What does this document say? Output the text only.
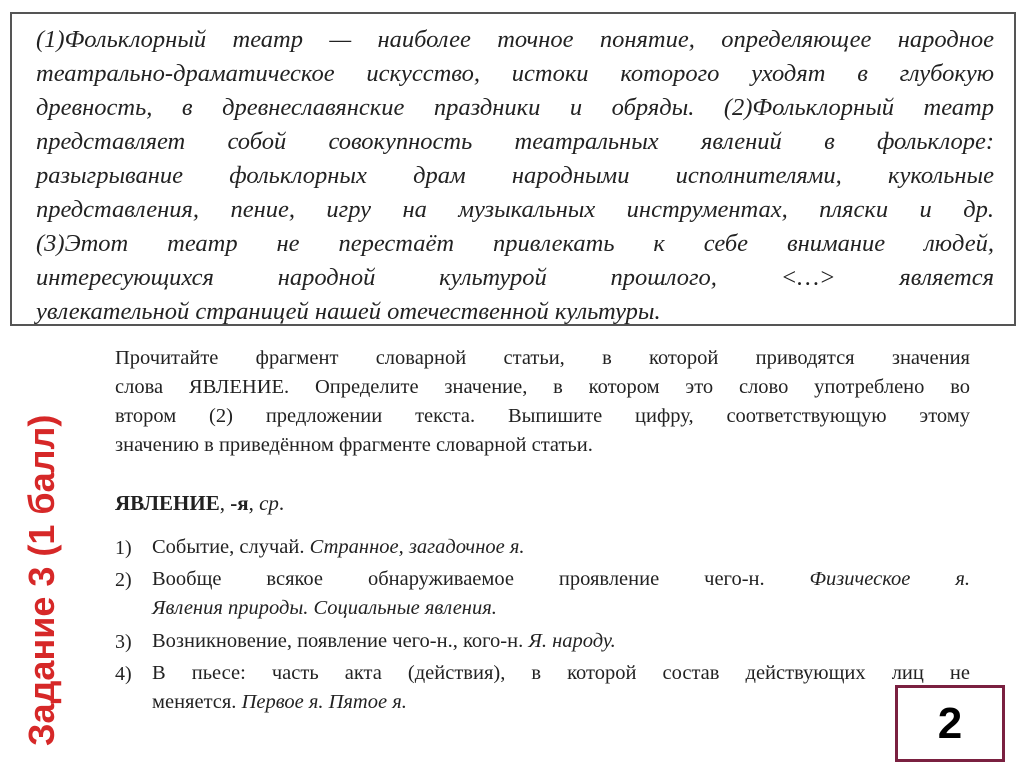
(1)Фольклорный театр — наиболее точное понятие, определяющее народное
театрально-драматическое искусство, истоки которого уходят в глубокую
древность, в древнеславянские праздники и обряды. (2)Фольклорный театр
представляет собой совокупность театральных явлений в фольклоре:
разыгрывание фольклорных драм народными исполнителями, кукольные
представления, пение, игру на музыкальных инструментах, пляски и др.
(3)Этот театр не перестаёт привлекать к себе внимание людей,
интересующихся народной культурой прошлого, <…> является
увлекательной страницей нашей отечественной культуры.
Задание 3 (1 балл)
Прочитайте фрагмент словарной статьи, в которой приводятся значения
слова ЯВЛЕНИЕ. Определите значение, в котором это слово употреблено во
втором (2) предложении текста. Выпишите цифру, соответствующую этому
значению в приведённом фрагменте словарной статьи.
ЯВЛЕНИЕ, -я, ср.
1) Событие, случай. Странное, загадочное я.
2) Вообще всякое обнаруживаемое проявление чего-н. Физическое я.
Явления природы. Социальные явления.
3) Возникновение, появление чего-н., кого-н. Я. народу.
4) В пьесе: часть акта (действия), в которой состав действующих лиц не
меняется. Первое я. Пятое я.	2
